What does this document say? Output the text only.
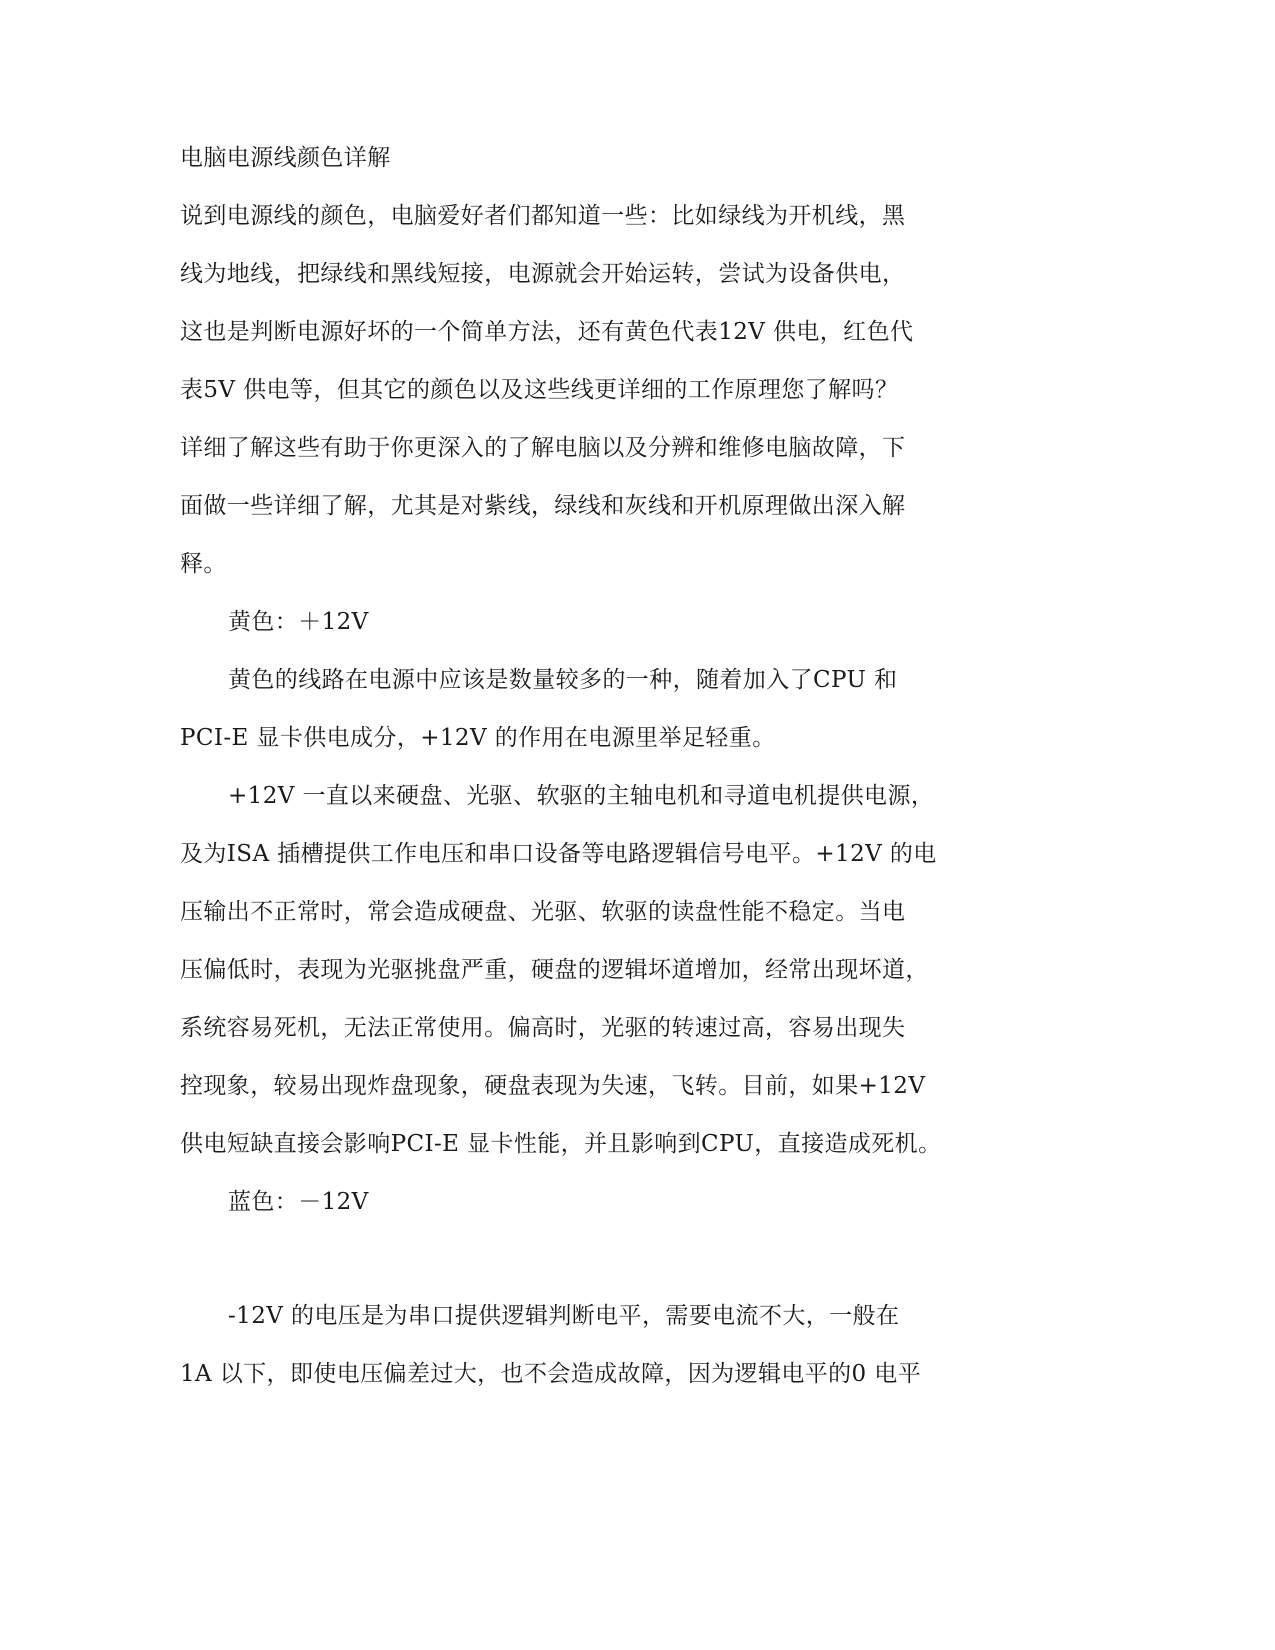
电脑电源线颜色详解
说到电源线的颜色，电脑爱好者们都知道一些：比如绿线为开机线，黑
线为地线，把绿线和黑线短接，电源就会开始运转，尝试为设备供电，
这也是判断电源好坏的一个简单方法，还有黄色代表12V 供电，红色代
表5V 供电等，但其它的颜色以及这些线更详细的工作原理您了解吗？
详细了解这些有助于你更深入的了解电脑以及分辨和维修电脑故障，下
面做一些详细了解，尤其是对紫线，绿线和灰线和开机原理做出深入解
释。
黄色：＋12V
黄色的线路在电源中应该是数量较多的一种，随着加入了CPU 和
PCI-E 显卡供电成分，+12V 的作用在电源里举足轻重。
+12V 一直以来硬盘、光驱、软驱的主轴电机和寻道电机提供电源，
及为ISA 插槽提供工作电压和串口设备等电路逻辑信号电平。+12V 的电
压输出不正常时，常会造成硬盘、光驱、软驱的读盘性能不稳定。当电
压偏低时，表现为光驱挑盘严重，硬盘的逻辑坏道增加，经常出现坏道，
系统容易死机，无法正常使用。偏高时，光驱的转速过高，容易出现失
控现象，较易出现炸盘现象，硬盘表现为失速，飞转。目前，如果+12V
供电短缺直接会影响PCI-E 显卡性能，并且影响到CPU，直接造成死机。
蓝色：－12V
-12V 的电压是为串口提供逻辑判断电平，需要电流不大，一般在
1A 以下，即使电压偏差过大，也不会造成故障，因为逻辑电平的0 电平
